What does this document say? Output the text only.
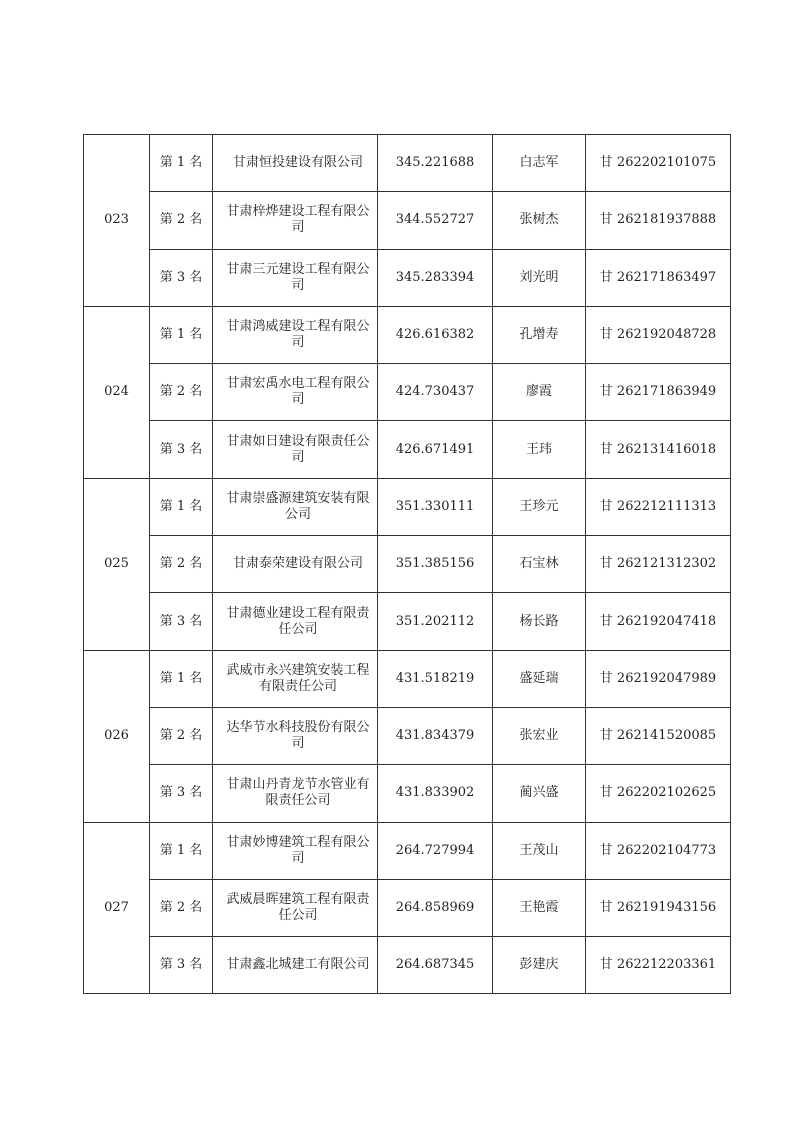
023	第 1 名	甘肃恒投建设有限公司	345.221688	白志军	甘 262202101075
	第 2 名	甘肃梓烨建设工程有限公司	344.552727	张树杰	甘 262181937888
	第 3 名	甘肃三元建设工程有限公司	345.283394	刘光明	甘 262171863497
024	第 1 名	甘肃鸿威建设工程有限公司	426.616382	孔增寿	甘 262192048728
	第 2 名	甘肃宏禹水电工程有限公司	424.730437	廖霞	甘 262171863949
	第 3 名	甘肃如日建设有限责任公司	426.671491	王玮	甘 262131416018
025	第 1 名	甘肃崇盛源建筑安装有限公司	351.330111	王珍元	甘 262212111313
	第 2 名	甘肃泰荣建设有限公司	351.385156	石宝林	甘 262121312302
	第 3 名	甘肃德业建设工程有限责任公司	351.202112	杨长路	甘 262192047418
026	第 1 名	武威市永兴建筑安装工程有限责任公司	431.518219	盛延瑞	甘 262192047989
	第 2 名	达华节水科技股份有限公司	431.834379	张宏业	甘 262141520085
	第 3 名	甘肃山丹青龙节水管业有限责任公司	431.833902	蔺兴盛	甘 262202102625
027	第 1 名	甘肃妙博建筑工程有限公司	264.727994	王茂山	甘 262202104773
	第 2 名	武威晨晖建筑工程有限责任公司	264.858969	王艳霞	甘 262191943156
	第 3 名	甘肃鑫北城建工有限公司	264.687345	彭建庆	甘 262212203361
